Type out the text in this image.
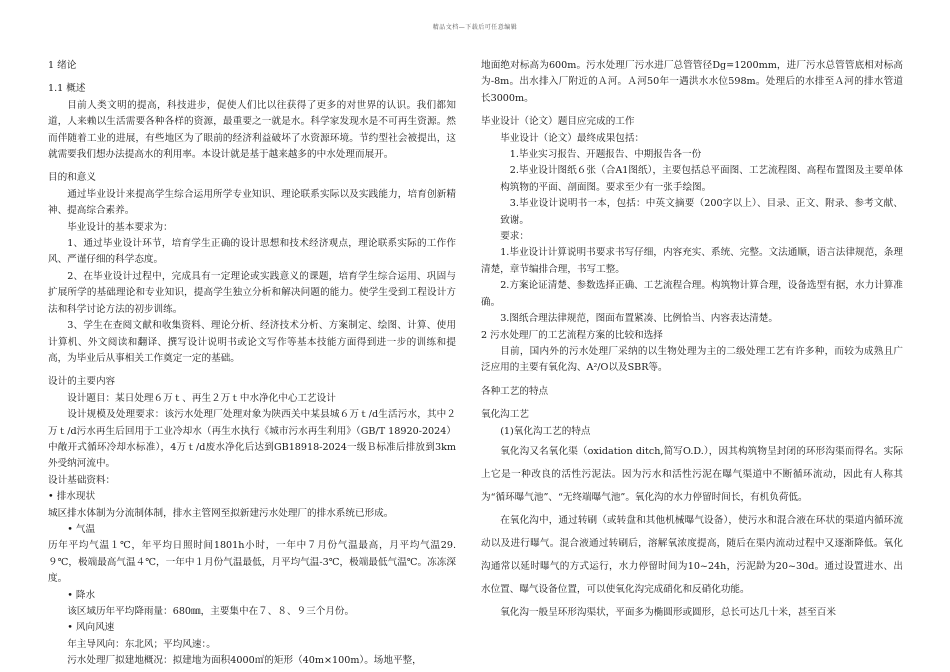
精品文档—下载后可任意编辑

1 绪论

1.1 概述

目前人类文明的提高，科技进步，促使人们比以往获得了更多的对世界的认识。我们都知道，人来赖以生活需要各种各样的资源，最重要之一就是水。科学家发现水是不可再生资源。然而伴随着工业的进展，有些地区为了眼前的经济利益破坏了水资源环境。节约型社会被提出，这就需要我们想办法提高水的利用率。本设计就是基于越来越多的中水处理而展开。

目的和意义

通过毕业设计来提高学生综合运用所学专业知识、理论联系实际以及实践能力，培育创新精神、提高综合素养。

毕业设计的基本要求为：

1、通过毕业设计环节，培育学生正确的设计思想和技术经济观点，理论联系实际的工作作风、严谨仔细的科学态度。

2、在毕业设计过程中，完成具有一定理论或实践意义的课题，培育学生综合运用、巩固与扩展所学的基础理论和专业知识，提高学生独立分析和解决问题的能力。使学生受到工程设计方法和科学讨论方法的初步训练。

3、学生在查阅文献和收集资料、理论分析、经济技术分析、方案制定、绘图、计算、使用计算机、外文阅读和翻译、撰写设计说明书或论文写作等基本技能方面得到进一步的训练和提高，为毕业后从事相关工作奠定一定的基础。

设计的主要内容

设计题目：某日处理６万ｔ、再生２万ｔ中水净化中心工艺设计

设计规模及处理要求：该污水处理厂处理对象为陕西关中某县城６万ｔ/d生活污水，其中２万ｔ/d污水再生后回用于工业冷却水（再生水执行《城市污水再生利用》（GB/T 18920-2024）中敞开式循环冷却水标准），4万ｔ/d废水净化后达到GB18918-2024一级Ｂ标准后排放到3km外受纳河流中。

设计基础资料：

• 排水现状

城区排水体制为分流制体制，排水主管网至拟新建污水处理厂的排水系统已形成。

• 气温

历年平均气温１℃，年平均日照时间1801h小时，一年中７月份气温最高，月平均气温29.９℃，极端最高气温４℃，一年中１月份气温最低，月平均气温-3℃，极端最低气温℃。冻冻深度。

• 降水

该区域历年平均降雨量：680㎜，主要集中在７、８、９三个月份。

• 风向风速

年主导风向：东北风；平均风速：。

污水处理厂拟建地概况：拟建地为面积4000㎡的矩形（40m×100m）。场地平整，

地面绝对标高为600m。污水处理厂污水进厂总管管径Dg=1200mm，进厂污水总管管底相对标高为-8m。出水排入厂附近的Ａ河。Ａ河50年一遇洪水水位598m。处理后的水排至Ａ河的排水管道长3000m。

毕业设计（论文）题目应完成的工作

毕业设计（论文）最终成果包括：

1.毕业实习报告、开题报告、中期报告各一份

2.毕业设计图纸６张（合A1图纸），主要包括总平面图、工艺流程图、高程布置图及主要单体构筑物的平面、剖面图。要求至少有一张手绘图。

3.毕业设计说明书一本，包括：中英文摘要（200字以上）、目录、正文、附录、参考文献、致谢。

要求：

1.毕业设计计算说明书要求书写仔细，内容充实、系统、完整。文法通顺，语言法律规范，条理清楚，章节编排合理，书写工整。

2.方案论证清楚、参数选择正确、工艺流程合理。构筑物计算合理，设备选型有据，水力计算准确。

3.图纸合理法律规范，图面布置紧凑、比例恰当、内容表达清楚。

2 污水处理厂的工艺流程方案的比较和选择

目前，国内外的污水处理厂采纳的以生物处理为主的二级处理工艺有许多种，而较为成熟且广泛应用的主要有氧化沟、A²/O以及SBR等。

各种工艺的特点

氧化沟工艺

(1)氧化沟工艺的特点

氧化沟又名氧化渠（oxidation ditch,简写O.D.），因其构筑物呈封闭的环形沟渠而得名。实际上它是一种改良的活性污泥法。因为污水和活性污泥在曝气渠道中不断循环流动，因此有人称其为“循环曝气池”、“无终端曝气池”。氧化沟的水力停留时间长，有机负荷低。

在氧化沟中，通过转刷（或转盘和其他机械曝气设备），使污水和混合液在环状的渠道内循环流动以及进行曝气。混合液通过转刷后，溶解氧浓度提高，随后在渠内流动过程中又逐渐降低。氧化沟通常以延时曝气的方式运行，水力停留时间为10~24h，污泥龄为20~30d。通过设置进水、出水位置、曝气设备位置，可以使氧化沟完成硝化和反硝化功能。

氧化沟一般呈环形沟渠状，平面多为椭圆形或圆形，总长可达几十米，甚至百米
